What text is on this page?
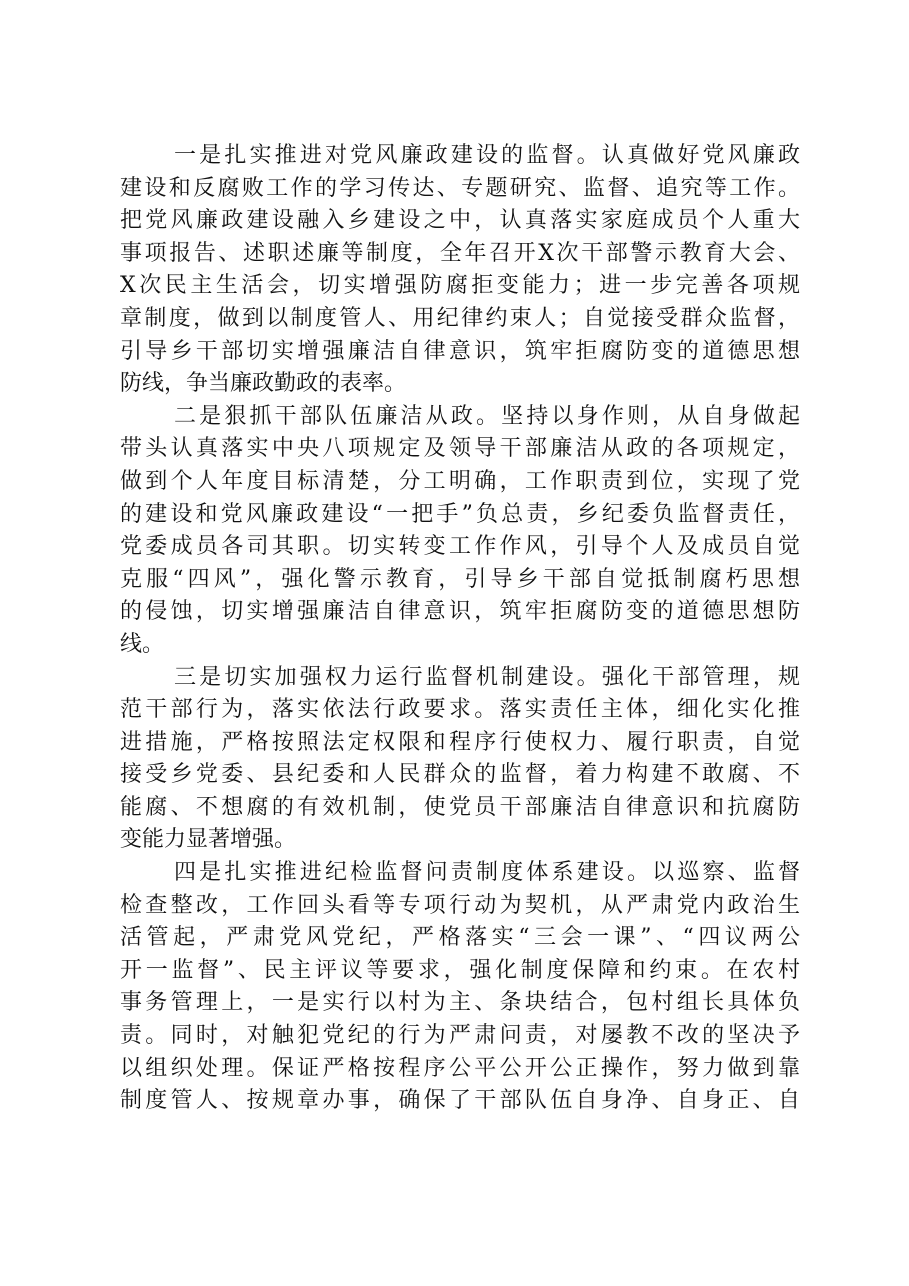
一是扎实推进对党风廉政建设的监督。认真做好党风廉政
建设和反腐败工作的学习传达、专题研究、监督、追究等工作。
把党风廉政建设融入乡建设之中，认真落实家庭成员个人重大
事项报告、述职述廉等制度，全年召开X次干部警示教育大会、
X次民主生活会，切实增强防腐拒变能力；进一步完善各项规
章制度，做到以制度管人、用纪律约束人；自觉接受群众监督，
引导乡干部切实增强廉洁自律意识，筑牢拒腐防变的道德思想
防线，争当廉政勤政的表率。
二是狠抓干部队伍廉洁从政。坚持以身作则，从自身做起
带头认真落实中央八项规定及领导干部廉洁从政的各项规定，
做到个人年度目标清楚，分工明确，工作职责到位，实现了党
的建设和党风廉政建设“一把手”负总责，乡纪委负监督责任，
党委成员各司其职。切实转变工作作风，引导个人及成员自觉
克服“四风”，强化警示教育，引导乡干部自觉抵制腐朽思想
的侵蚀，切实增强廉洁自律意识，筑牢拒腐防变的道德思想防
线。
三是切实加强权力运行监督机制建设。强化干部管理，规
范干部行为，落实依法行政要求。落实责任主体，细化实化推
进措施，严格按照法定权限和程序行使权力、履行职责，自觉
接受乡党委、县纪委和人民群众的监督，着力构建不敢腐、不
能腐、不想腐的有效机制，使党员干部廉洁自律意识和抗腐防
变能力显著增强。
四是扎实推进纪检监督问责制度体系建设。以巡察、监督
检查整改，工作回头看等专项行动为契机，从严肃党内政治生
活管起，严肃党风党纪，严格落实“三会一课”、“四议两公
开一监督”、民主评议等要求，强化制度保障和约束。在农村
事务管理上，一是实行以村为主、条块结合，包村组长具体负
责。同时，对触犯党纪的行为严肃问责，对屡教不改的坚决予
以组织处理。保证严格按程序公平公开公正操作，努力做到靠
制度管人、按规章办事，确保了干部队伍自身净、自身正、自
